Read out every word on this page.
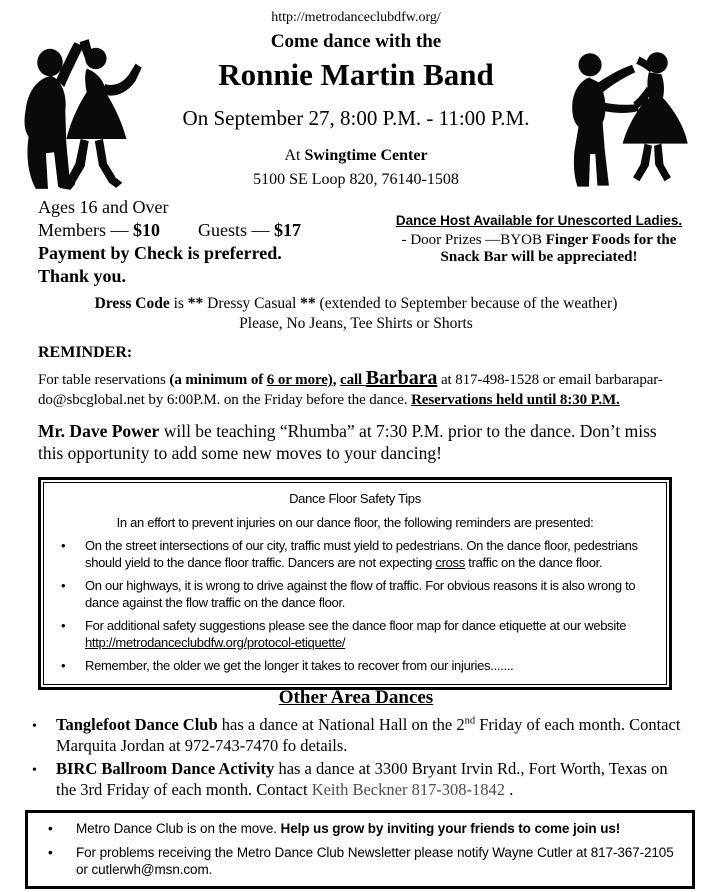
http://metrodanceclubdfw.org/
Come dance with the
Ronnie Martin Band
On September 27, 8:00 P.M. - 11:00 P.M.
At Swingtime Center
5100 SE Loop 820, 76140-1508
Ages 16 and Over
Members — $10 Guests — $17
Payment by Check is preferred.
Thank you.
Dance Host Available for Unescorted Ladies.
- Door Prizes —BYOB Finger Foods for the
Snack Bar will be appreciated!
Dress Code is ** Dressy Casual ** (extended to September because of the weather)
Please, No Jeans, Tee Shirts or Shorts
REMINDER:
For table reservations (a minimum of 6 or more), call Barbara at 817-498-1528 or email barbarapar-do@sbcglobal.net by 6:00P.M. on the Friday before the dance. Reservations held until 8:30 P.M.
Mr. Dave Power will be teaching “Rhumba” at 7:30 P.M. prior to the dance. Don’t miss this opportunity to add some new moves to your dancing!
Dance Floor Safety Tips
In an effort to prevent injuries on our dance floor, the following reminders are presented:
•
On the street intersections of our city, traffic must yield to pedestrians. On the dance floor, pedestrians should yield to the dance floor traffic. Dancers are not expecting cross traffic on the dance floor.
•
On our highways, it is wrong to drive against the flow of traffic. For obvious reasons it is also wrong to dance against the flow traffic on the dance floor.
•
For additional safety suggestions please see the dance floor map for dance etiquette at our website http://metrodanceclubdfw.org/protocol-etiquette/
•
Remember, the older we get the longer it takes to recover from our injuries.......
Other Area Dances
•
Tanglefoot Dance Club has a dance at National Hall on the 2nd Friday of each month. Contact Marquita Jordan at 972-743-7470 fo details.
•
BIRC Ballroom Dance Activity has a dance at 3300 Bryant Irvin Rd., Fort Worth, Texas on the 3rd Friday of each month. Contact Keith Beckner 817-308-1842 .
•
Metro Dance Club is on the move. Help us grow by inviting your friends to come join us!
•
For problems receiving the Metro Dance Club Newsletter please notify Wayne Cutler at 817-367-2105 or cutlerwh@msn.com.
